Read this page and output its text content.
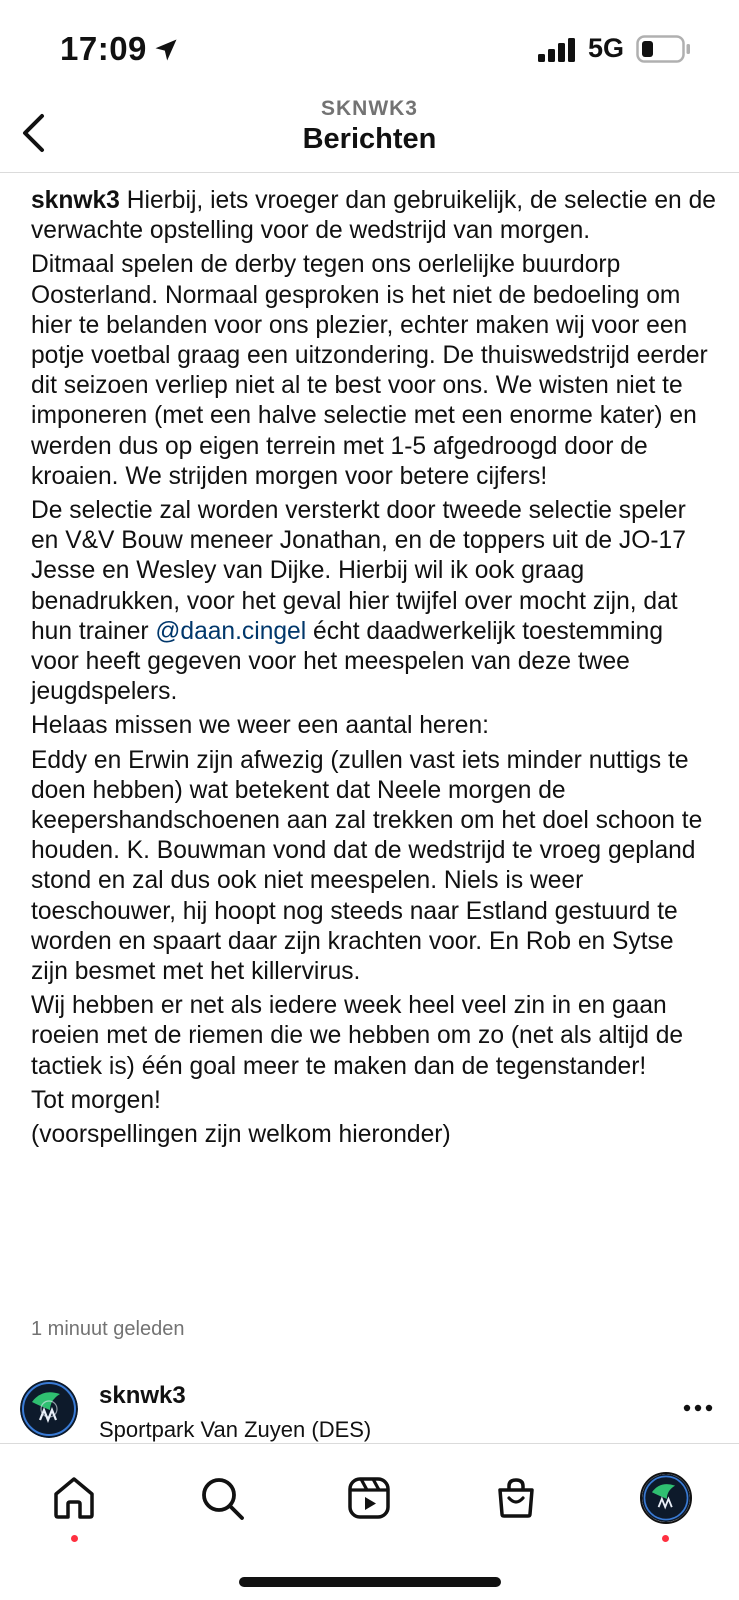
17:09	5G
SKNWK3
Berichten

sknwk3 Hierbij, iets vroeger dan gebruikelijk, de selectie en de verwachte opstelling voor de wedstrijd van morgen.

Ditmaal spelen de derby tegen ons oerlelijke buurdorp Oosterland. Normaal gesproken is het niet de bedoeling om hier te belanden voor ons plezier, echter maken wij voor een potje voetbal graag een uitzondering. De thuiswedstrijd eerder dit seizoen verliep niet al te best voor ons. We wisten niet te imponeren (met een halve selectie met een enorme kater) en werden dus op eigen terrein met 1-5 afgedroogd door de kroaien. We strijden morgen voor betere cijfers!

De selectie zal worden versterkt door tweede selectie speler en V&V Bouw meneer Jonathan, en de toppers uit de JO-17 Jesse en Wesley van Dijke. Hierbij wil ik ook graag benadrukken, voor het geval hier twijfel over mocht zijn, dat hun trainer @daan.cingel écht daadwerkelijk toestemming voor heeft gegeven voor het meespelen van deze twee jeugdspelers.

Helaas missen we weer een aantal heren:

Eddy en Erwin zijn afwezig (zullen vast iets minder nuttigs te doen hebben) wat betekent dat Neele morgen de keepershandschoenen aan zal trekken om het doel schoon te houden. K. Bouwman vond dat de wedstrijd te vroeg gepland stond en zal dus ook niet meespelen. Niels is weer toeschouwer, hij hoopt nog steeds naar Estland gestuurd te worden en spaart daar zijn krachten voor. En Rob en Sytse zijn besmet met het killervirus.

Wij hebben er net als iedere week heel veel zin in en gaan roeien met de riemen die we hebben om zo (net als altijd de tactiek is) één goal meer te maken dan de tegenstander!

Tot morgen!

(voorspellingen zijn welkom hieronder)

1 minuut geleden
sknwk3
Sportpark Van Zuyen (DES)
